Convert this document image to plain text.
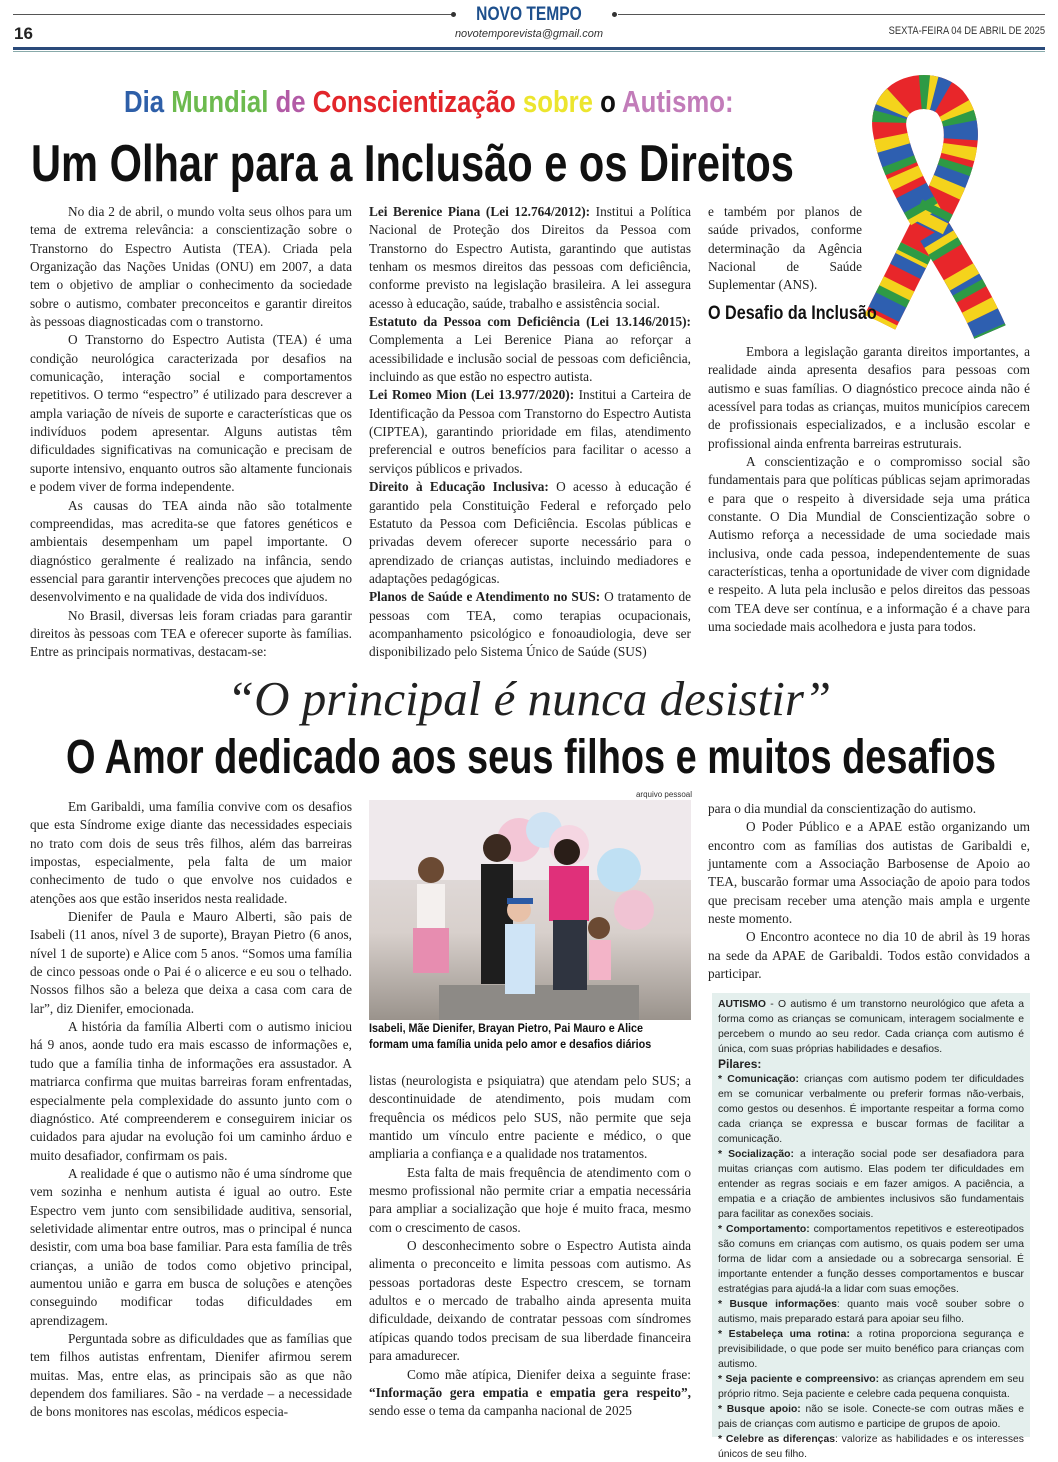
NOVO TEMPO
novotemporevista@gmail.com
16	SEXTA-FEIRA 04 DE ABRIL DE 2025
Dia Mundial de Conscientização sobre o Autismo:
Um Olhar para a Inclusão e os Direitos

No dia 2 de abril, o mundo volta seus olhos para um tema de extrema relevância: a conscientização sobre o Transtorno do Espectro Autista (TEA). Criada pela Organização das Nações Unidas (ONU) em 2007, a data tem o objetivo de ampliar o conhecimento da sociedade sobre o autismo, combater preconceitos e garantir direitos às pessoas diagnosticadas com o transtorno.

O Transtorno do Espectro Autista (TEA) é uma condição neurológica caracterizada por desafios na comunicação, interação social e comportamentos repetitivos. O termo “espectro” é utilizado para descrever a ampla variação de níveis de suporte e características que os indivíduos podem apresentar. Alguns autistas têm dificuldades significativas na comunicação e precisam de suporte intensivo, enquanto outros são altamente funcionais e podem viver de forma independente.

As causas do TEA ainda não são totalmente compreendidas, mas acredita-se que fatores genéticos e ambientais desempenham um papel importante. O diagnóstico geralmente é realizado na infância, sendo essencial para garantir intervenções precoces que ajudem no desenvolvimento e na qualidade de vida dos indivíduos.

No Brasil, diversas leis foram criadas para garantir direitos às pessoas com TEA e oferecer suporte às famílias. Entre as principais normativas, destacam-se:

Lei Berenice Piana (Lei 12.764/2012): Institui a Política Nacional de Proteção dos Direitos da Pessoa com Transtorno do Espectro Autista, garantindo que autistas tenham os mesmos direitos das pessoas com deficiência, conforme previsto na legislação brasileira. A lei assegura acesso à educação, saúde, trabalho e assistência social.

Estatuto da Pessoa com Deficiência (Lei 13.146/2015): Complementa a Lei Berenice Piana ao reforçar a acessibilidade e inclusão social de pessoas com deficiência, incluindo as que estão no espectro autista.

Lei Romeo Mion (Lei 13.977/2020): Institui a Carteira de Identificação da Pessoa com Transtorno do Espectro Autista (CIPTEA), garantindo prioridade em filas, atendimento preferencial e outros benefícios para facilitar o acesso a serviços públicos e privados.

Direito à Educação Inclusiva: O acesso à educação é garantido pela Constituição Federal e reforçado pelo Estatuto da Pessoa com Deficiência. Escolas públicas e privadas devem oferecer suporte necessário para o aprendizado de crianças autistas, incluindo mediadores e adaptações pedagógicas.

Planos de Saúde e Atendimento no SUS: O tratamento de pessoas com TEA, como terapias ocupacionais, acompanhamento psicológico e fonoaudiologia, deve ser disponibilizado pelo Sistema Único de Saúde (SUS)

e também por planos de saúde privados, conforme determinação da Agência Nacional de Saúde Suplementar (ANS).

O Desafio da Inclusão

Embora a legislação garanta direitos importantes, a realidade ainda apresenta desafios para pessoas com autismo e suas famílias. O diagnóstico precoce ainda não é acessível para todas as crianças, muitos municípios carecem de profissionais especializados, e a inclusão escolar e profissional ainda enfrenta barreiras estruturais.

A conscientização e o compromisso social são fundamentais para que políticas públicas sejam aprimoradas e para que o respeito à diversidade seja uma prática constante. O Dia Mundial de Conscientização sobre o Autismo reforça a necessidade de uma sociedade mais inclusiva, onde cada pessoa, independentemente de suas características, tenha a oportunidade de viver com dignidade e respeito. A luta pela inclusão e pelos direitos das pessoas com TEA deve ser contínua, e a informação é a chave para uma sociedade mais acolhedora e justa para todos.

“O principal é nunca desistir”
O Amor dedicado aos seus filhos e muitos desafios

Em Garibaldi, uma família convive com os desafios que esta Síndrome exige diante das necessidades especiais no trato com dois de seus três filhos, além das barreiras impostas, especialmente, pela falta de um maior conhecimento de tudo o que envolve nos cuidados e atenções aos que estão inseridos nesta realidade.

Dienifer de Paula e Mauro Alberti, são pais de Isabeli (11 anos, nível 3 de suporte), Brayan Pietro (6 anos, nível 1 de suporte) e Alice com 5 anos. “Somos uma família de cinco pessoas onde o Pai é o alicerce e eu sou o telhado. Nossos filhos são a beleza que deixa a casa com cara de lar”, diz Dienifer, emocionada.

A história da família Alberti com o autismo iniciou há 9 anos, aonde tudo era mais escasso de informações e, tudo que a família tinha de informações era assustador. A matriarca confirma que muitas barreiras foram enfrentadas, especialmente pela complexidade do assunto junto com o diagnóstico. Até compreenderem e conseguirem iniciar os cuidados para ajudar na evolução foi um caminho árduo e muito desafiador, confirmam os pais.

A realidade é que o autismo não é uma síndrome que vem sozinha e nenhum autista é igual ao outro. Este Espectro vem junto com sensibilidade auditiva, sensorial, seletividade alimentar entre outros, mas o principal é nunca desistir, com uma boa base familiar. Para esta família de três crianças, a união de todos como objetivo principal, aumentou união e garra em busca de soluções e atenções conseguindo modificar todas dificuldades em aprendizagem.

Perguntada sobre as dificuldades que as famílias que tem filhos autistas enfrentam, Dienifer afirmou serem muitas. Mas, entre elas, as principais são as que não dependem dos familiares. São - na verdade – a necessidade de bons monitores nas escolas, médicos especia-

arquivo pessoal
Isabeli, Mãe Dienifer, Brayan Pietro, Pai Mauro e Alice formam uma família unida pelo amor e desafios diários

listas (neurologista e psiquiatra) que atendam pelo SUS; a descontinuidade de atendimento, pois mudam com frequência os médicos pelo SUS, não permite que seja mantido um vínculo entre paciente e médico, o que ampliaria a confiança e a qualidade nos tratamentos.

Esta falta de mais frequência de atendimento com o mesmo profissional não permite criar a empatia necessária para ampliar a socialização que hoje é muito fraca, mesmo com o crescimento de casos.

O desconhecimento sobre o Espectro Autista ainda alimenta o preconceito e limita pessoas com autismo. As pessoas portadoras deste Espectro crescem, se tornam adultos e o mercado de trabalho ainda apresenta muita dificuldade, deixando de contratar pessoas com síndromes atípicas quando todos precisam de sua liberdade financeira para amadurecer.

Como mãe atípica, Dienifer deixa a seguinte frase: “Informação gera empatia e empatia gera respeito”, sendo esse o tema da campanha nacional de 2025

para o dia mundial da conscientização do autismo.

O Poder Público e a APAE estão organizando um encontro com as famílias dos autistas de Garibaldi e, juntamente com a Associação Barbosense de Apoio ao TEA, buscarão formar uma Associação de apoio para todos que precisam receber uma atenção mais ampla e urgente neste momento.

O Encontro acontece no dia 10 de abril às 19 horas na sede da APAE de Garibaldi. Todos estão convidados a participar.

AUTISMO - O autismo é um transtorno neurológico que afeta a forma como as crianças se comunicam, interagem socialmente e percebem o mundo ao seu redor. Cada criança com autismo é única, com suas próprias habilidades e desafios.
Pilares:
* Comunicação: crianças com autismo podem ter dificuldades em se comunicar verbalmente ou preferir formas não-verbais, como gestos ou desenhos. É importante respeitar a forma como cada criança se expressa e buscar formas de facilitar a comunicação.
* Socialização: a interação social pode ser desafiadora para muitas crianças com autismo. Elas podem ter dificuldades em entender as regras sociais e em fazer amigos. A paciência, a empatia e a criação de ambientes inclusivos são fundamentais para facilitar as conexões sociais.
* Comportamento: comportamentos repetitivos e estereotipados são comuns em crianças com autismo, os quais podem ser uma forma de lidar com a ansiedade ou a sobrecarga sensorial. É importante entender a função desses comportamentos e buscar estratégias para ajudá-la a lidar com suas emoções.
* Busque informações: quanto mais você souber sobre o autismo, mais preparado estará para apoiar seu filho.
* Estabeleça uma rotina: a rotina proporciona segurança e previsibilidade, o que pode ser muito benéfico para crianças com autismo.
* Seja paciente e compreensivo: as crianças aprendem em seu próprio ritmo. Seja paciente e celebre cada pequena conquista.
* Busque apoio: não se isole. Conecte-se com outras mães e pais de crianças com autismo e participe de grupos de apoio.
* Celebre as diferenças: valorize as habilidades e os interesses únicos de seu filho.
